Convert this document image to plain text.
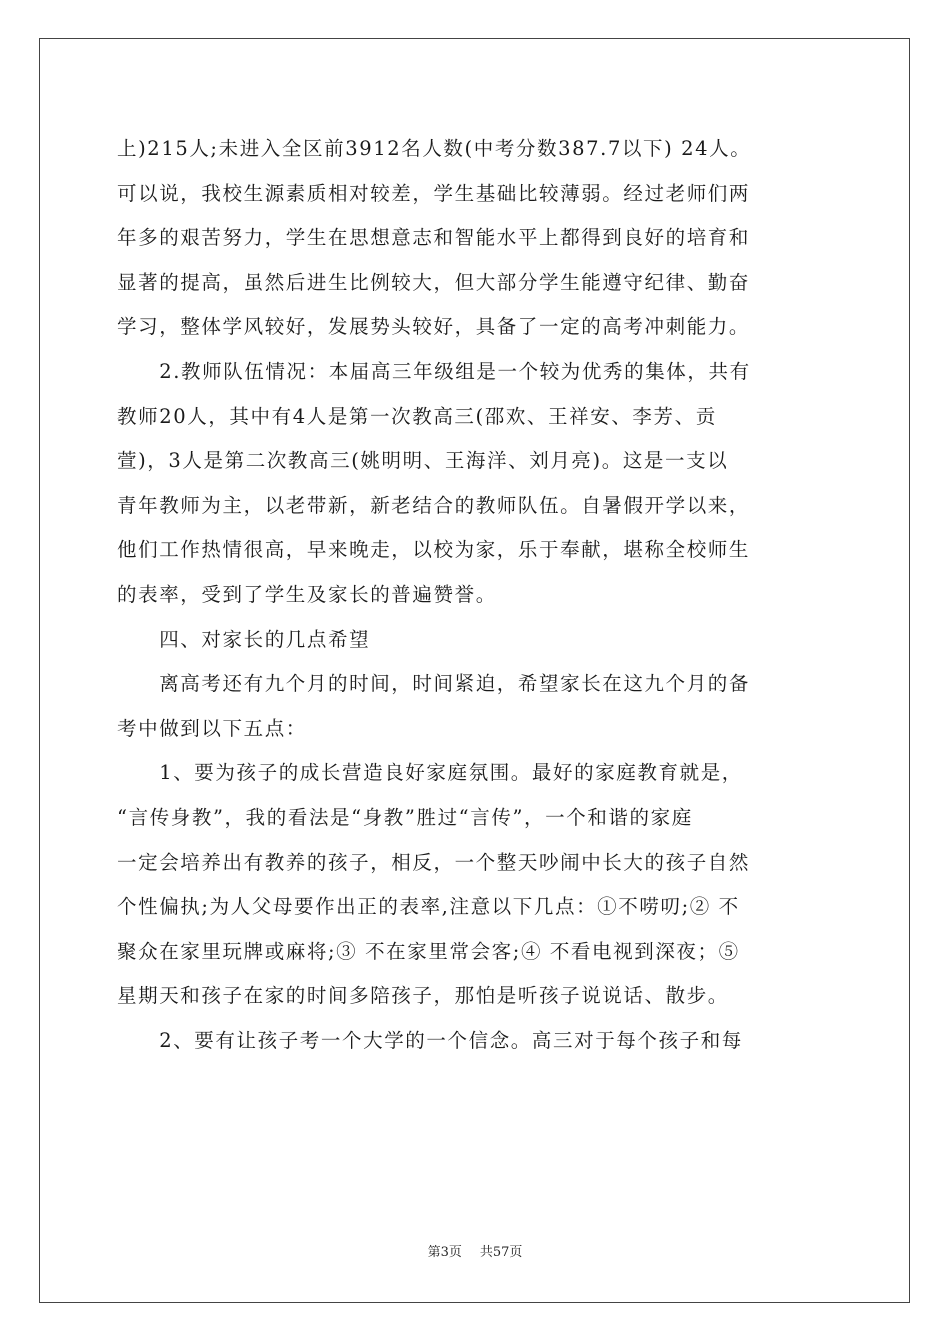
上)215人;未进入全区前3912名人数(中考分数387.7以下) 24人。
可以说，我校生源素质相对较差，学生基础比较薄弱。经过老师们两
年多的艰苦努力，学生在思想意志和智能水平上都得到良好的培育和
显著的提高，虽然后进生比例较大，但大部分学生能遵守纪律、勤奋
学习，整体学风较好，发展势头较好，具备了一定的高考冲刺能力。
　　2.教师队伍情况：本届高三年级组是一个较为优秀的集体，共有
教师20人，其中有4人是第一次教高三(邵欢、王祥安、李芳、贡
萱)，3人是第二次教高三(姚明明、王海洋、刘月亮)。这是一支以
青年教师为主，以老带新，新老结合的教师队伍。自暑假开学以来，
他们工作热情很高，早来晚走，以校为家，乐于奉献，堪称全校师生
的表率，受到了学生及家长的普遍赞誉。
　　四、对家长的几点希望
　　离高考还有九个月的时间，时间紧迫，希望家长在这九个月的备
考中做到以下五点：
　　1、要为孩子的成长营造良好家庭氛围。最好的家庭教育就是，
“言传身教”，我的看法是“身教”胜过“言传”，一个和谐的家庭
一定会培养出有教养的孩子，相反，一个整天吵闹中长大的孩子自然
个性偏执;为人父母要作出正的表率,注意以下几点：①不唠叨;② 不
聚众在家里玩牌或麻将;③ 不在家里常会客;④ 不看电视到深夜；⑤
星期天和孩子在家的时间多陪孩子，那怕是听孩子说说话、散步。
　　2、要有让孩子考一个大学的一个信念。高三对于每个孩子和每
第3页 共57页
